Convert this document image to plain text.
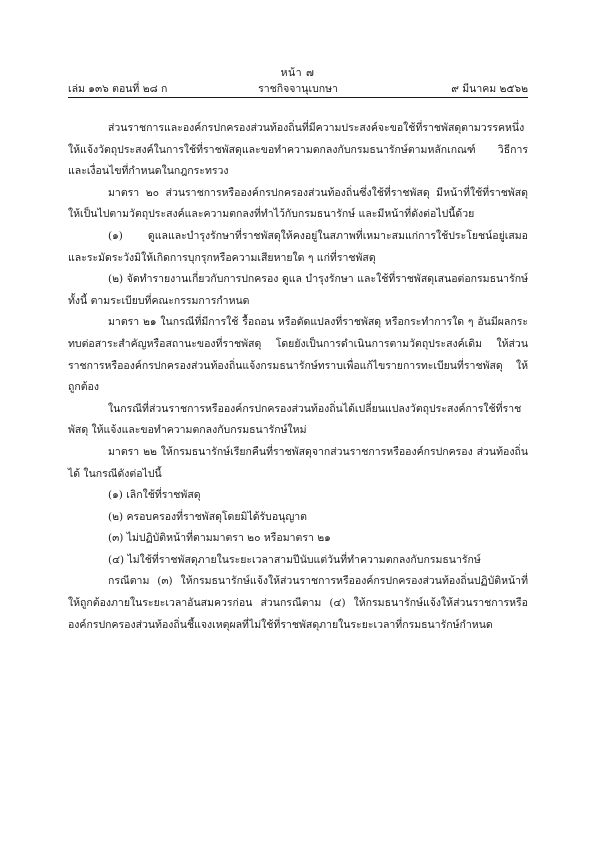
หน้า ๗
ราชกิจจานุเบกษา
เล่ม ๑๓๖ ตอนที่ ๒๘ ก	๙ มีนาคม ๒๕๖๒

ส่วนราชการและองค์กรปกครองส่วนท้องถิ่นที่มีความประสงค์จะขอใช้ที่ราชพัสดุตามวรรคหนึ่ง ให้แจ้งวัตถุประสงค์ในการใช้ที่ราชพัสดุและขอทำความตกลงกับกรมธนารักษ์ตามหลักเกณฑ์ วิธีการ และเงื่อนไขที่กำหนดในกฎกระทรวง

มาตรา ๒๐ ส่วนราชการหรือองค์กรปกครองส่วนท้องถิ่นซึ่งใช้ที่ราชพัสดุ มีหน้าที่ใช้ที่ราชพัสดุ ให้เป็นไปตามวัตถุประสงค์และความตกลงที่ทำไว้กับกรมธนารักษ์ และมีหน้าที่ดังต่อไปนี้ด้วย

(๑) ดูแลและบำรุงรักษาที่ราชพัสดุให้คงอยู่ในสภาพที่เหมาะสมแก่การใช้ประโยชน์อยู่เสมอ และระมัดระวังมิให้เกิดการบุกรุกหรือความเสียหายใด ๆ แก่ที่ราชพัสดุ

(๒) จัดทำรายงานเกี่ยวกับการปกครอง ดูแล บำรุงรักษา และใช้ที่ราชพัสดุเสนอต่อกรมธนารักษ์ ทั้งนี้ ตามระเบียบที่คณะกรรมการกำหนด

มาตรา ๒๑ ในกรณีที่มีการใช้ รื้อถอน หรือดัดแปลงที่ราชพัสดุ หรือกระทำการใด ๆ อันมีผลกระทบต่อสาระสำคัญหรือสถานะของที่ราชพัสดุ โดยยังเป็นการดำเนินการตามวัตถุประสงค์เดิม ให้ส่วนราชการหรือองค์กรปกครองส่วนท้องถิ่นแจ้งกรมธนารักษ์ทราบเพื่อแก้ไขรายการทะเบียนที่ราชพัสดุ ให้ถูกต้อง

ในกรณีที่ส่วนราชการหรือองค์กรปกครองส่วนท้องถิ่นได้เปลี่ยนแปลงวัตถุประสงค์การใช้ที่ราชพัสดุ ให้แจ้งและขอทำความตกลงกับกรมธนารักษ์ใหม่

มาตรา ๒๒ ให้กรมธนารักษ์เรียกคืนที่ราชพัสดุจากส่วนราชการหรือองค์กรปกครอง ส่วนท้องถิ่นได้ ในกรณีดังต่อไปนี้

(๑) เลิกใช้ที่ราชพัสดุ

(๒) ครอบครองที่ราชพัสดุโดยมิได้รับอนุญาต

(๓) ไม่ปฏิบัติหน้าที่ตามมาตรา ๒๐ หรือมาตรา ๒๑

(๔) ไม่ใช้ที่ราชพัสดุภายในระยะเวลาสามปีนับแต่วันที่ทำความตกลงกับกรมธนารักษ์

กรณีตาม (๓) ให้กรมธนารักษ์แจ้งให้ส่วนราชการหรือองค์กรปกครองส่วนท้องถิ่นปฏิบัติหน้าที่ ให้ถูกต้องภายในระยะเวลาอันสมควรก่อน ส่วนกรณีตาม (๔) ให้กรมธนารักษ์แจ้งให้ส่วนราชการหรือ องค์กรปกครองส่วนท้องถิ่นชี้แจงเหตุผลที่ไม่ใช้ที่ราชพัสดุภายในระยะเวลาที่กรมธนารักษ์กำหนด
